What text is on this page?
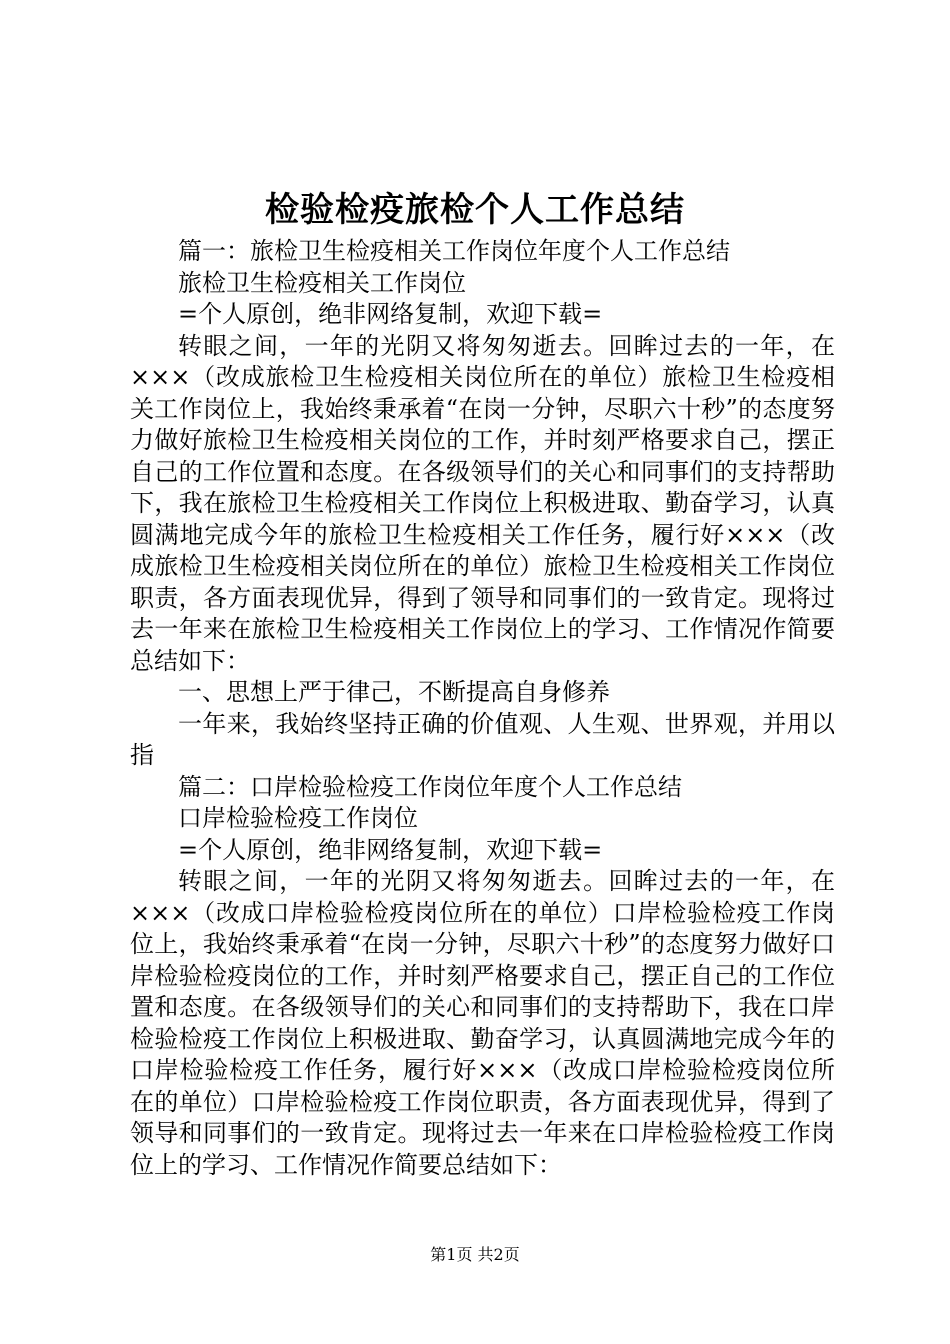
检验检疫旅检个人工作总结

篇一：旅检卫生检疫相关工作岗位年度个人工作总结

旅检卫生检疫相关工作岗位

=个人原创，绝非网络复制，欢迎下载=

转眼之间，一年的光阴又将匆匆逝去。回眸过去的一年，在×××（改成旅检卫生检疫相关岗位所在的单位）旅检卫生检疫相关工作岗位上，我始终秉承着“在岗一分钟，尽职六十秒”的态度努力做好旅检卫生检疫相关岗位的工作，并时刻严格要求自己，摆正自己的工作位置和态度。在各级领导们的关心和同事们的支持帮助下，我在旅检卫生检疫相关工作岗位上积极进取、勤奋学习，认真圆满地完成今年的旅检卫生检疫相关工作任务，履行好×××（改成旅检卫生检疫相关岗位所在的单位）旅检卫生检疫相关工作岗位职责，各方面表现优异，得到了领导和同事们的一致肯定。现将过去一年来在旅检卫生检疫相关工作岗位上的学习、工作情况作简要总结如下：

一、思想上严于律己，不断提高自身修养

一年来，我始终坚持正确的价值观、人生观、世界观，并用以指

篇二：口岸检验检疫工作岗位年度个人工作总结

口岸检验检疫工作岗位

=个人原创，绝非网络复制，欢迎下载=

转眼之间，一年的光阴又将匆匆逝去。回眸过去的一年，在×××（改成口岸检验检疫岗位所在的单位）口岸检验检疫工作岗位上，我始终秉承着“在岗一分钟，尽职六十秒”的态度努力做好口岸检验检疫岗位的工作，并时刻严格要求自己，摆正自己的工作位置和态度。在各级领导们的关心和同事们的支持帮助下，我在口岸检验检疫工作岗位上积极进取、勤奋学习，认真圆满地完成今年的口岸检验检疫工作任务，履行好×××（改成口岸检验检疫岗位所在的单位）口岸检验检疫工作岗位职责，各方面表现优异，得到了领导和同事们的一致肯定。现将过去一年来在口岸检验检疫工作岗位上的学习、工作情况作简要总结如下：

第1页 共2页
